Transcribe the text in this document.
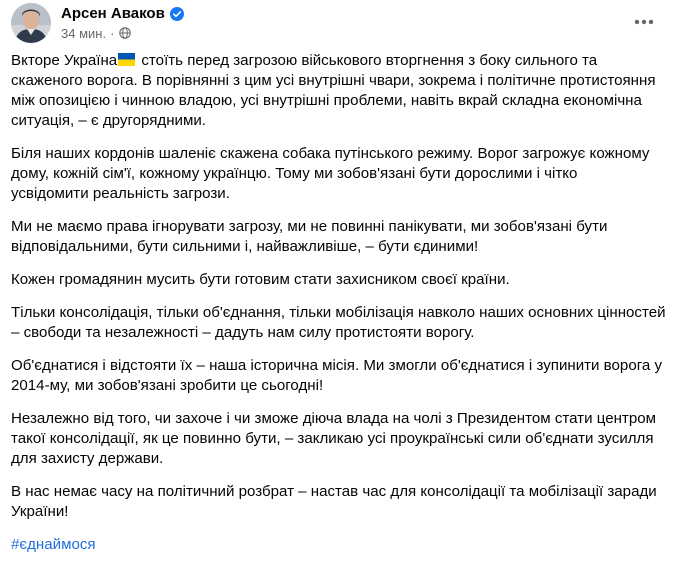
Арсен Аваков
34 мин. ·

Вкторе Україна
стоїть перед загрозою військового вторгнення з боку сильного та
скаженого ворога. В порівнянні з цим усі внутрішні чвари, зокрема і політичне протистояння
між опозицією і чинною владою, усі внутрішні проблеми, навіть вкрай складна економічна
ситуація, – є другорядними.

Біля наших кордонів шаленіє скажена собака путінського режиму. Ворог загрожує кожному
дому, кожній сім'ї, кожному українцю. Тому ми зобов'язані бути дорослими і чітко
усвідомити реальність загрози.

Ми не маємо права ігнорувати загрозу, ми не повинні панікувати, ми зобов'язані бути
відповідальними, бути сильними і, найважливіше, – бути єдиними!

Кожен громадянин мусить бути готовим стати захисником своєї країни.

Тільки консолідація, тільки об'єднання, тільки мобілізація навколо наших основних цінностей
– свободи та незалежності – дадуть нам силу протистояти ворогу.

Об'єднатися і відстояти їх – наша історична місія. Ми змогли об'єднатися і зупинити ворога у
2014-му, ми зобов'язані зробити це сьогодні!

Незалежно від того, чи захоче і чи зможе діюча влада на чолі з Президентом стати центром
такої консолідації, як це повинно бути, – закликаю усі проукраїнські сили об'єднати зусилля
для захисту держави.

В нас немає часу на політичний розбрат – настав час для консолідації та мобілізації заради
України!

#єднаймося
